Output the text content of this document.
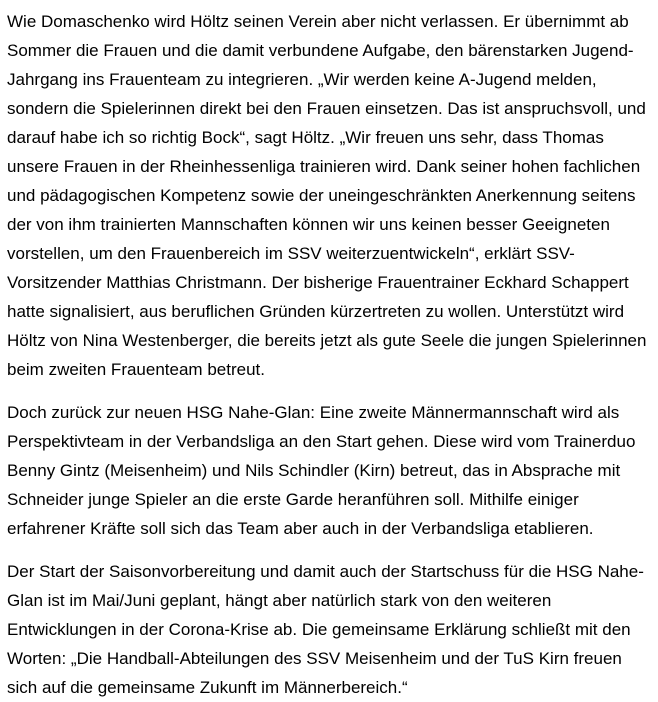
Wie Domaschenko wird Höltz seinen Verein aber nicht verlassen. Er übernimmt ab Sommer die Frauen und die damit verbundene Aufgabe, den bärenstarken Jugend-Jahrgang ins Frauenteam zu integrieren. „Wir werden keine A-Jugend melden, sondern die Spielerinnen direkt bei den Frauen einsetzen. Das ist anspruchsvoll, und darauf habe ich so richtig Bock“, sagt Höltz. „Wir freuen uns sehr, dass Thomas unsere Frauen in der Rheinhessenliga trainieren wird. Dank seiner hohen fachlichen und pädagogischen Kompetenz sowie der uneingeschränkten Anerkennung seitens der von ihm trainierten Mannschaften können wir uns keinen besser Geeigneten vorstellen, um den Frauenbereich im SSV weiterzuentwickeln“, erklärt SSV-Vorsitzender Matthias Christmann. Der bisherige Frauentrainer Eckhard Schappert hatte signalisiert, aus beruflichen Gründen kürzertreten zu wollen. Unterstützt wird Höltz von Nina Westenberger, die bereits jetzt als gute Seele die jungen Spielerinnen beim zweiten Frauenteam betreut.

Doch zurück zur neuen HSG Nahe-Glan: Eine zweite Männermannschaft wird als Perspektivteam in der Verbandsliga an den Start gehen. Diese wird vom Trainerduo Benny Gintz (Meisenheim) und Nils Schindler (Kirn) betreut, das in Absprache mit Schneider junge Spieler an die erste Garde heranführen soll. Mithilfe einiger erfahrener Kräfte soll sich das Team aber auch in der Verbandsliga etablieren.

Der Start der Saisonvorbereitung und damit auch der Startschuss für die HSG Nahe-Glan ist im Mai/Juni geplant, hängt aber natürlich stark von den weiteren Entwicklungen in der Corona-Krise ab. Die gemeinsame Erklärung schließt mit den Worten: „Die Handball-Abteilungen des SSV Meisenheim und der TuS Kirn freuen sich auf die gemeinsame Zukunft im Männerbereich.“
